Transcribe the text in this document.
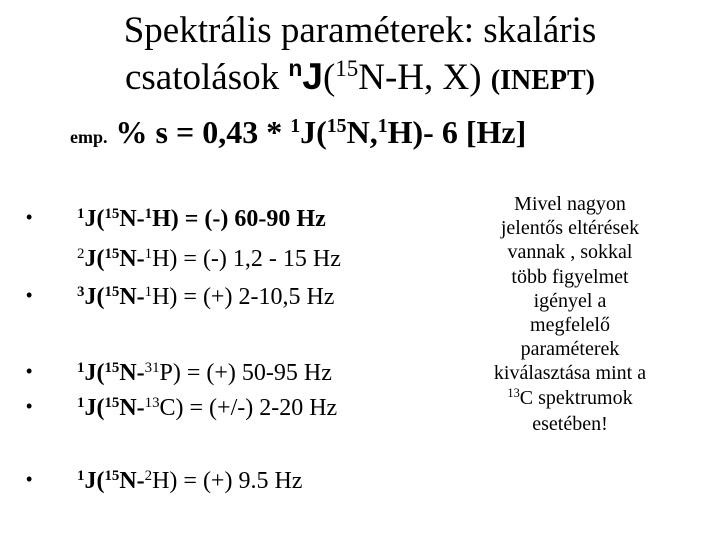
Spektrális paraméterek: skaláris
csatolások $^n$J($^{15}$N-H, X) (INEPT)
emp. % s = 0,43 * $^1$J($^{15}$N,$^1$H)- 6 [Hz]
•	$^1$J($^{15}$N-$^1$H) = (-) 60-90 Hz
$^2$J($^{15}$N-$^1$H) = (-) 1,2 - 15 Hz
•	$^3$J($^{15}$N-$^1$H) = (+) 2-10,5 Hz
•	$^1$J($^{15}$N-$^{31}$P) = (+) 50-95 Hz
•	$^1$J($^{15}$N-$^{13}$C) = (+/-) 2-20 Hz
•	$^1$J($^{15}$N-$^2$H) = (+) 9.5 Hz
Mivel nagyon
jelentős eltérések
vannak , sokkal
több figyelmet
igényel a
megfelelő
paraméterek
kiválasztása mint a
$^{13}$C spektrumok
esetében!
